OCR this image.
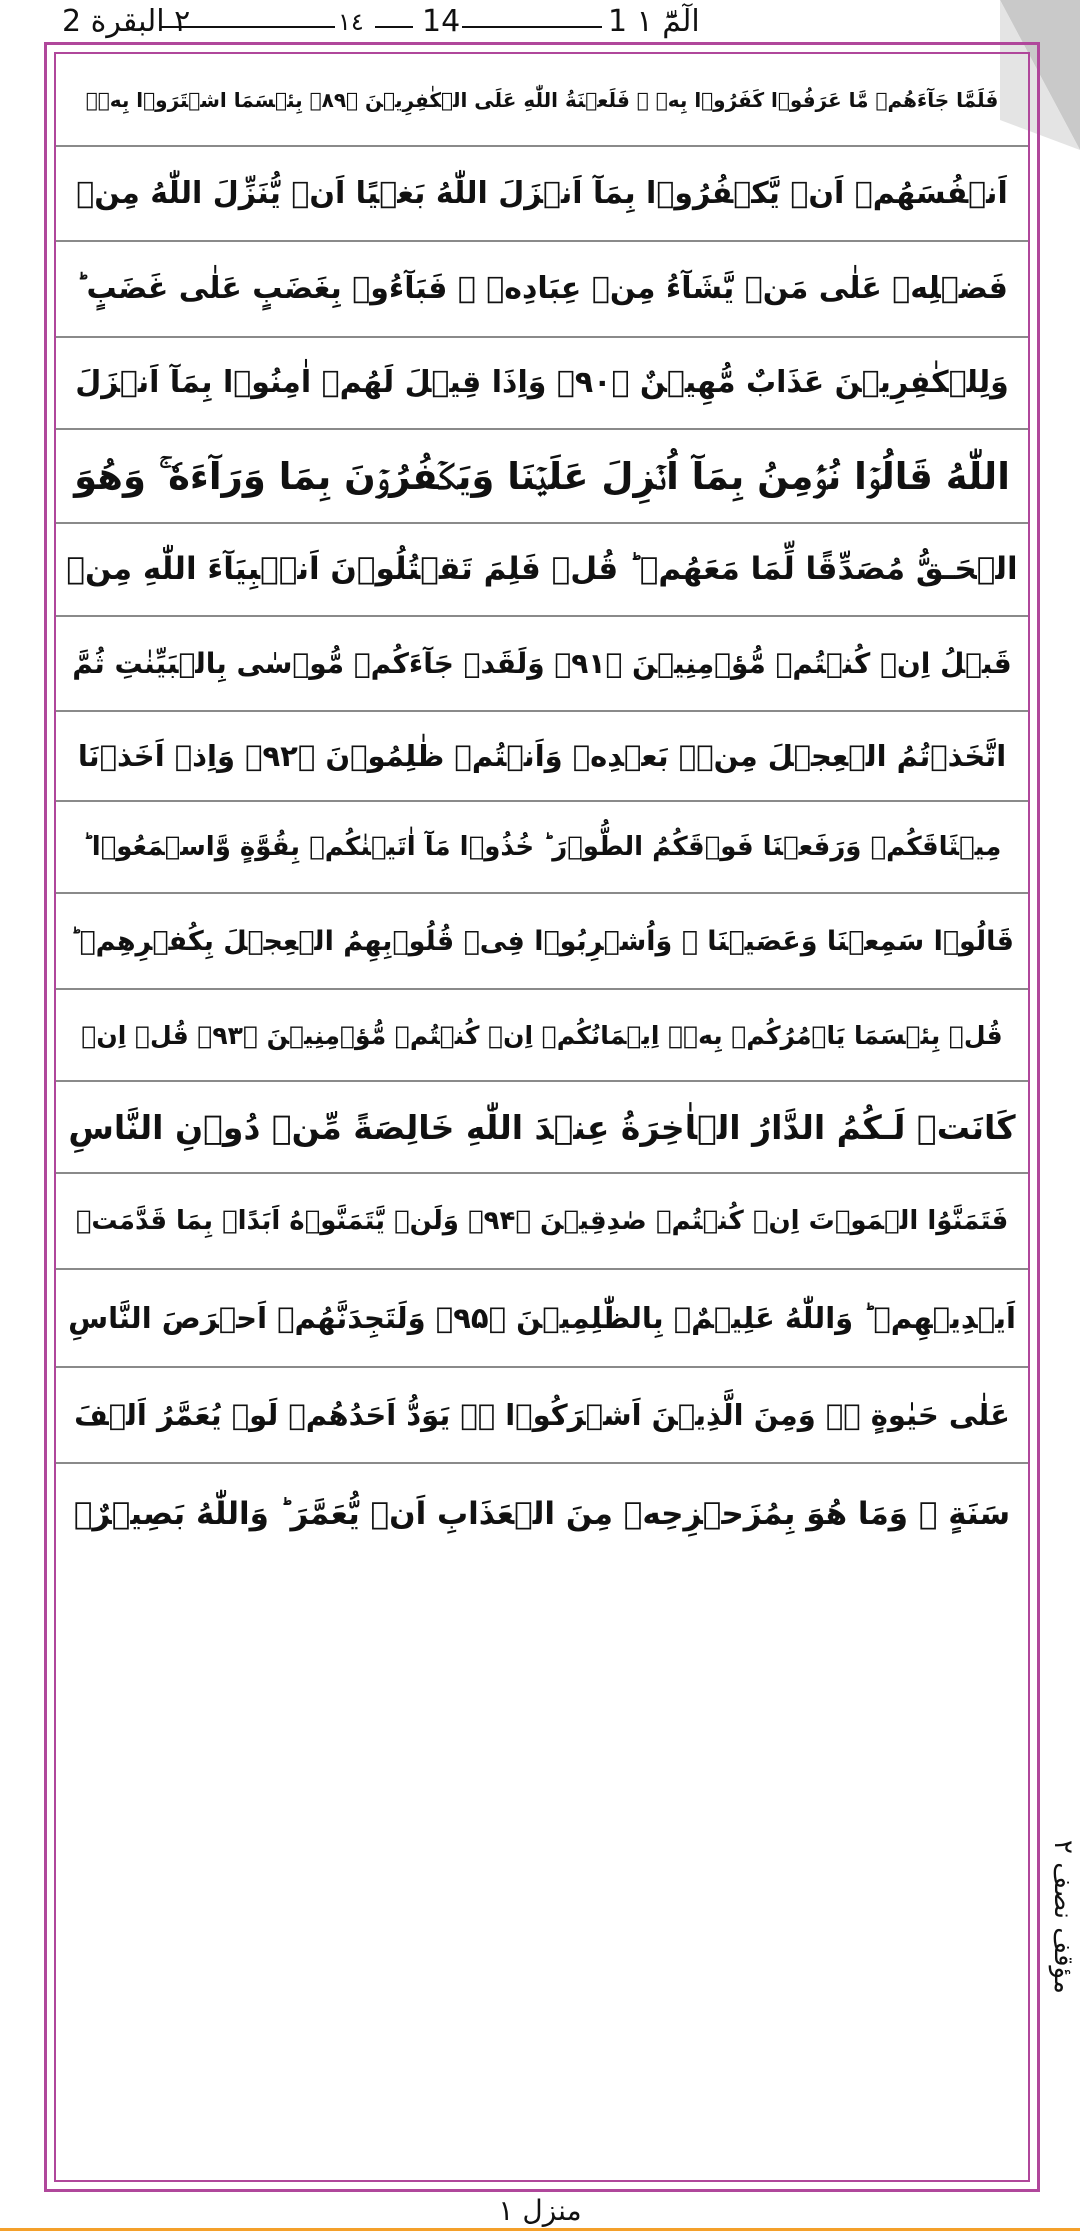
٢ البقرة 2	١٤ 14	1 الٓمّٓ ١
فَلَمَّا جَآءَهُمۡ مَّا عَرَفُوۡا كَفَرُوۡا بِهٖ ۡ فَلَعۡنَةُ اللّٰهِ عَلَى الۡكٰفِرِيۡنَ ﴿۸۹﴾ بِئۡسَمَا اشۡتَرَوۡا بِهٖۤ
اَنۡفُسَهُمۡ اَنۡ يَّكۡفُرُوۡا بِمَآ اَنۡزَلَ اللّٰهُ بَغۡيًا اَنۡ يُّنَزِّلَ اللّٰهُ مِنۡ
فَضۡلِهٖ عَلٰى مَنۡ يَّشَآءُ مِنۡ عِبَادِهٖ ۚ فَبَآءُوۡ بِغَضَبٍ عَلٰى غَضَبٍ ؕ
وَلِلۡكٰفِرِيۡنَ عَذَابٌ مُّهِيۡنٌ ﴿۹۰﴾ وَاِذَا قِيۡلَ لَهُمۡ اٰمِنُوۡا بِمَآ اَنۡزَلَ
اللّٰهُ قَالُوۡا نُؤۡمِنُ بِمَآ اُنۡزِلَ عَلَيۡنَا وَيَكۡفُرُوۡنَ بِمَا وَرَآءَهٗ ۚ وَهُوَ
الۡحَـقُّ مُصَدِّقًا لِّمَا مَعَهُمۡ ؕ قُلۡ فَلِمَ تَقۡتُلُوۡنَ اَنۡۢبِيَآءَ اللّٰهِ مِنۡ
قَبۡلُ اِنۡ كُنۡتُمۡ مُّؤۡمِنِيۡنَ ﴿۹۱﴾ وَلَقَدۡ جَآءَكُمۡ مُّوۡسٰى بِالۡبَيِّنٰتِ ثُمَّ
اتَّخَذۡتُمُ الۡعِجۡلَ مِنۡۢ بَعۡدِهٖ وَاَنۡتُمۡ ظٰلِمُوۡنَ ﴿۹۲﴾ وَاِذۡ اَخَذۡنَا
مِيۡثَاقَكُمۡ وَرَفَعۡنَا فَوۡقَكُمُ الطُّوۡرَ ؕ خُذُوۡا مَآ اٰتَيۡنٰكُمۡ بِقُوَّةٍ وَّاسۡمَعُوۡا ؕ
قَالُوۡا سَمِعۡنَا وَعَصَيۡنَا ۗ وَاُشۡرِبُوۡا فِىۡ قُلُوۡبِهِمُ الۡعِجۡلَ بِكُفۡرِهِمۡ ؕ
قُلۡ بِئۡسَمَا يَاۡمُرُكُمۡ بِهٖۤ اِيۡمَانُكُمۡ اِنۡ كُنۡتُمۡ مُّؤۡمِنِيۡنَ ﴿۹۳﴾ قُلۡ اِنۡ
كَانَتۡ لَـكُمُ الدَّارُ الۡاٰخِرَةُ عِنۡدَ اللّٰهِ خَالِصَةً مِّنۡ دُوۡنِ النَّاسِ
فَتَمَنَّوُا الۡمَوۡتَ اِنۡ كُنۡتُمۡ صٰدِقِيۡنَ ﴿۹۴﴾ وَلَنۡ يَّتَمَنَّوۡهُ اَبَدًاۢ بِمَا قَدَّمَتۡ
اَيۡدِيۡهِمۡ ؕ وَاللّٰهُ عَلِيۡمٌۢ بِالظّٰلِمِيۡنَ ﴿۹۵﴾ وَلَتَجِدَنَّهُمۡ اَحۡرَصَ النَّاسِ
عَلٰى حَيٰوةٍ ۛۚ وَمِنَ الَّذِيۡنَ اَشۡرَكُوۡا ۛۚ يَوَدُّ اَحَدُهُمۡ لَوۡ يُعَمَّرُ اَلۡفَ
سَنَةٍ ۚ وَمَا هُوَ بِمُزَحۡزِحِهٖ مِنَ الۡعَذَابِ اَنۡ يُّعَمَّرَ ؕ وَاللّٰهُ بَصِيۡرٌۢ
مؤقف نصف ٢
منزل ١
